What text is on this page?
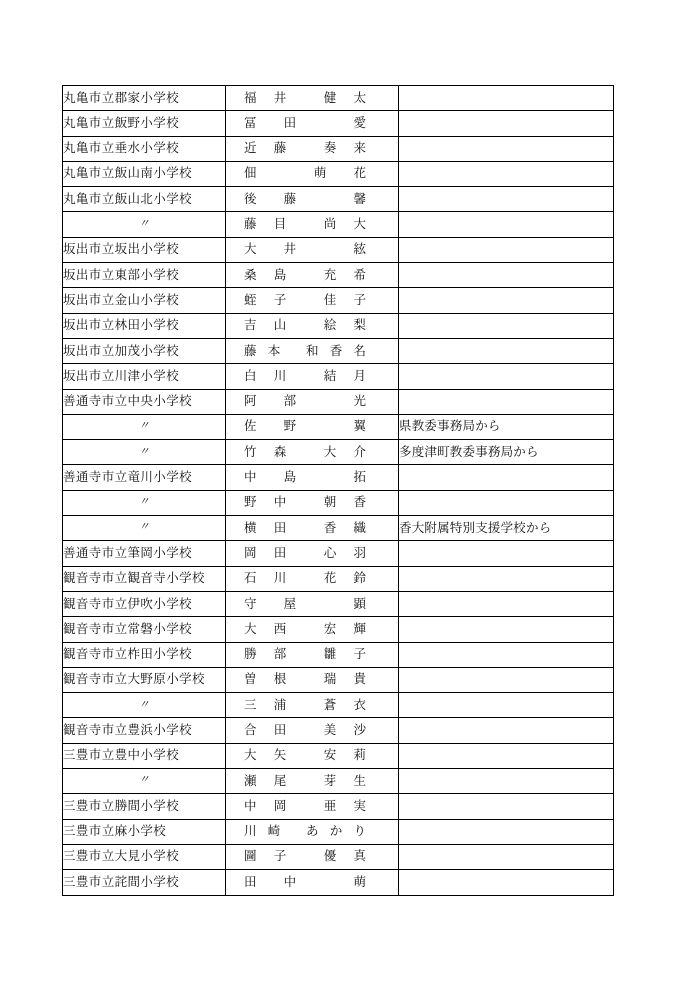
丸亀市立郡家小学校	福井 健太	
丸亀市立飯野小学校	冨田 愛	
丸亀市立垂水小学校	近藤 奏来	
丸亀市立飯山南小学校	佃 萌花	
丸亀市立飯山北小学校	後藤 馨	
〃	藤目 尚大	
坂出市立坂出小学校	大井 絃	
坂出市立東部小学校	桑島 充希	
坂出市立金山小学校	蛭子 佳子	
坂出市立林田小学校	吉山 絵梨	
坂出市立加茂小学校	藤本 和香名	
坂出市立川津小学校	白川 結月	
善通寺市立中央小学校	阿部 光	
〃	佐野 翼	県教委事務局から
〃	竹森 大介	多度津町教委事務局から
善通寺市立竜川小学校	中島 拓	
〃	野中 朝香	
〃	横田 香織	香大附属特別支援学校から
善通寺市立筆岡小学校	岡田 心羽	
観音寺市立観音寺小学校	石川 花鈴	
観音寺市立伊吹小学校	守屋 顕	
観音寺市立常磐小学校	大西 宏輝	
観音寺市立柞田小学校	勝部 雛子	
観音寺市立大野原小学校	曽根 瑞貴	
〃	三浦 蒼衣	
観音寺市立豊浜小学校	合田 美沙	
三豊市立豊中小学校	大矢 安莉	
〃	瀬尾 芽生	
三豊市立勝間小学校	中岡 亜実	
三豊市立麻小学校	川崎 あかり	
三豊市立大見小学校	圖子 優真	
三豊市立詫間小学校	田中 萌	
